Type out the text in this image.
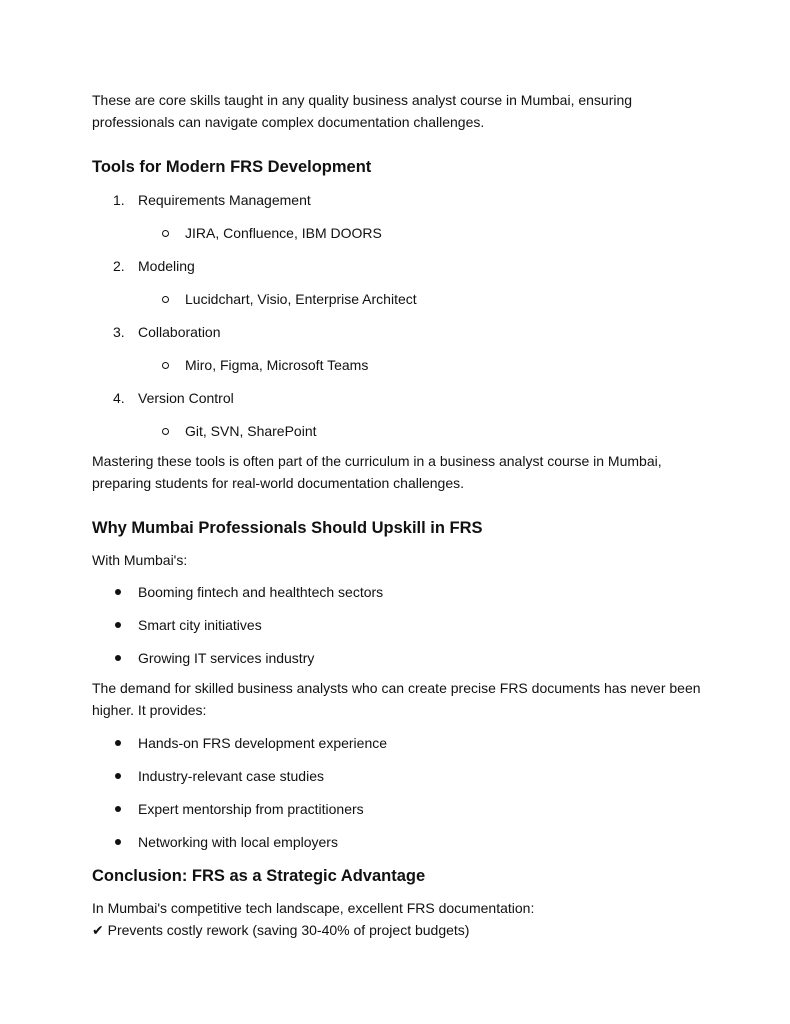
These are core skills taught in any quality business analyst course in Mumbai, ensuring professionals can navigate complex documentation challenges.

Tools for Modern FRS Development
1. Requirements Management
JIRA, Confluence, IBM DOORS
2. Modeling
Lucidchart, Visio, Enterprise Architect
3. Collaboration
Miro, Figma, Microsoft Teams
4. Version Control
Git, SVN, SharePoint

Mastering these tools is often part of the curriculum in a business analyst course in Mumbai, preparing students for real-world documentation challenges.

Why Mumbai Professionals Should Upskill in FRS

With Mumbai's:

Booming fintech and healthtech sectors
Smart city initiatives
Growing IT services industry

The demand for skilled business analysts who can create precise FRS documents has never been higher. It provides:

Hands-on FRS development experience
Industry-relevant case studies
Expert mentorship from practitioners
Networking with local employers
Conclusion: FRS as a Strategic Advantage

In Mumbai's competitive tech landscape, excellent FRS documentation:

✔ Prevents costly rework (saving 30-40% of project budgets)
